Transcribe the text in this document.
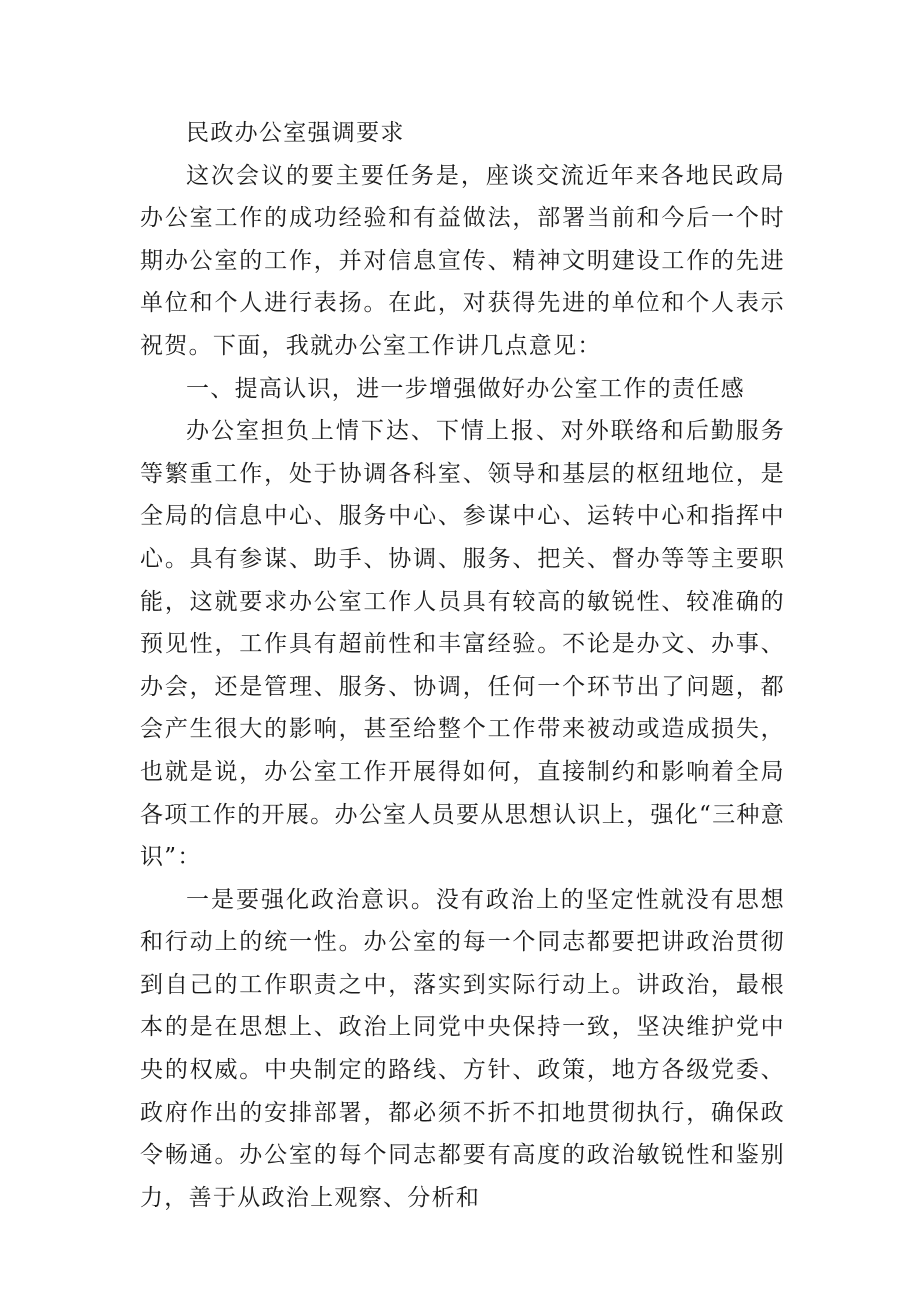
民政办公室强调要求

这次会议的要主要任务是，座谈交流近年来各地民政局办公室工作的成功经验和有益做法，部署当前和今后一个时期办公室的工作，并对信息宣传、精神文明建设工作的先进单位和个人进行表扬。在此，对获得先进的单位和个人表示祝贺。下面，我就办公室工作讲几点意见：

一、提高认识，进一步增强做好办公室工作的责任感

办公室担负上情下达、下情上报、对外联络和后勤服务等繁重工作，处于协调各科室、领导和基层的枢纽地位，是全局的信息中心、服务中心、参谋中心、运转中心和指挥中心。具有参谋、助手、协调、服务、把关、督办等等主要职能，这就要求办公室工作人员具有较高的敏锐性、较准确的预见性，工作具有超前性和丰富经验。不论是办文、办事、办会，还是管理、服务、协调，任何一个环节出了问题，都会产生很大的影响，甚至给整个工作带来被动或造成损失，也就是说，办公室工作开展得如何，直接制约和影响着全局各项工作的开展。办公室人员要从思想认识上，强化“三种意识”：

一是要强化政治意识。没有政治上的坚定性就没有思想和行动上的统一性。办公室的每一个同志都要把讲政治贯彻到自己的工作职责之中，落实到实际行动上。讲政治，最根本的是在思想上、政治上同党中央保持一致，坚决维护党中央的权威。中央制定的路线、方针、政策，地方各级党委、政府作出的安排部署，都必须不折不扣地贯彻执行，确保政令畅通。办公室的每个同志都要有高度的政治敏锐性和鉴别力，善于从政治上观察、分析和
